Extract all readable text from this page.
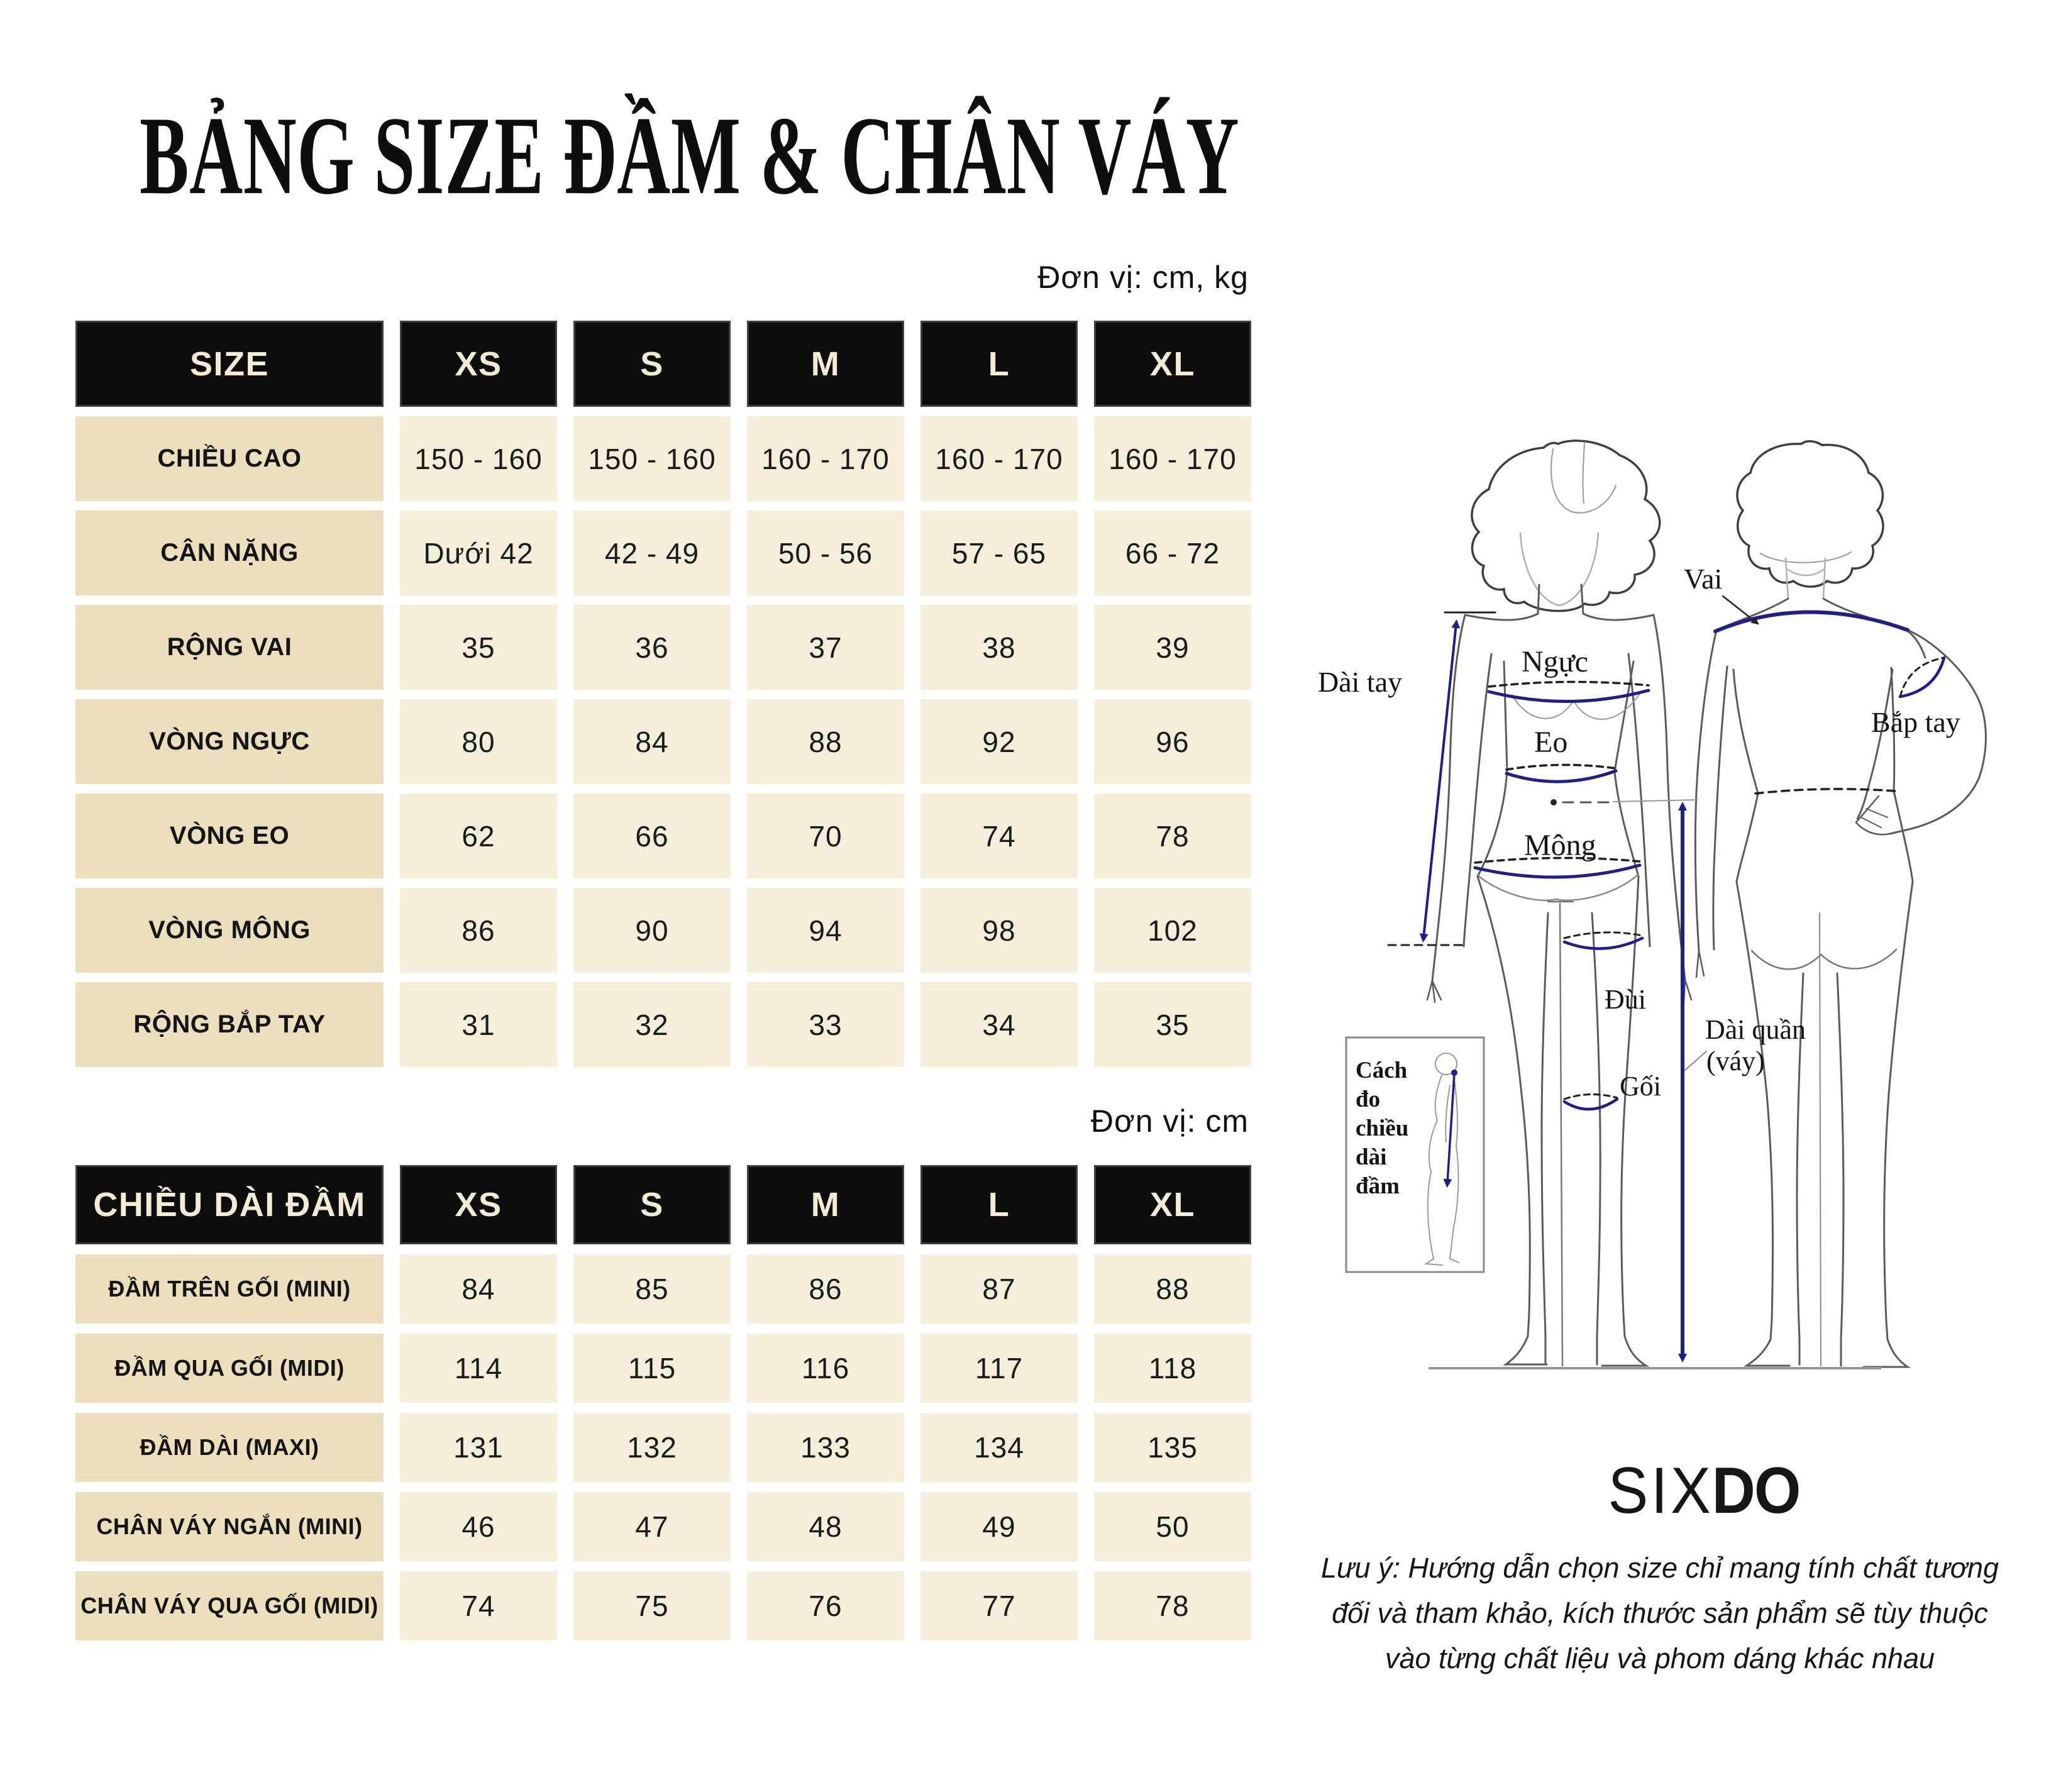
BẢNG SIZE ĐẦM & CHÂN VÁY
Đơn vị: cm, kg
SIZE	XS	S	M	L	XL
CHIỀU CAO	150 - 160	150 - 160	160 - 170	160 - 170	160 - 170
CÂN NẶNG	Dưới 42	42 - 49	50 - 56	57 - 65	66 - 72
RỘNG VAI	35	36	37	38	39
VÒNG NGỰC	80	84	88	92	96
VÒNG EO	62	66	70	74	78
VÒNG MÔNG	86	90	94	98	102
RỘNG BẮP TAY	31	32	33	34	35
Đơn vị: cm
CHIỀU DÀI ĐẦM	XS	S	M	L	XL
ĐẦM TRÊN GỐI (MINI)	84	85	86	87	88
ĐẦM QUA GỐI (MIDI)	114	115	116	117	118
ĐẦM DÀI (MAXI)	131	132	133	134	135
CHÂN VÁY NGẮN (MINI)	46	47	48	49	50
CHÂN VÁY QUA GỐI (MIDI)	74	75	76	77	78
Dài tay
Vai
Ngực
Eo
Mông
Bắp tay
Đùi
Gối
Dài quần
(váy)
Cách
đo
chiều
dài
đầm
SIXDO
Lưu ý: Hướng dẫn chọn size chỉ mang tính chất tương
đối và tham khảo, kích thước sản phẩm sẽ tùy thuộc
vào từng chất liệu và phom dáng khác nhau
